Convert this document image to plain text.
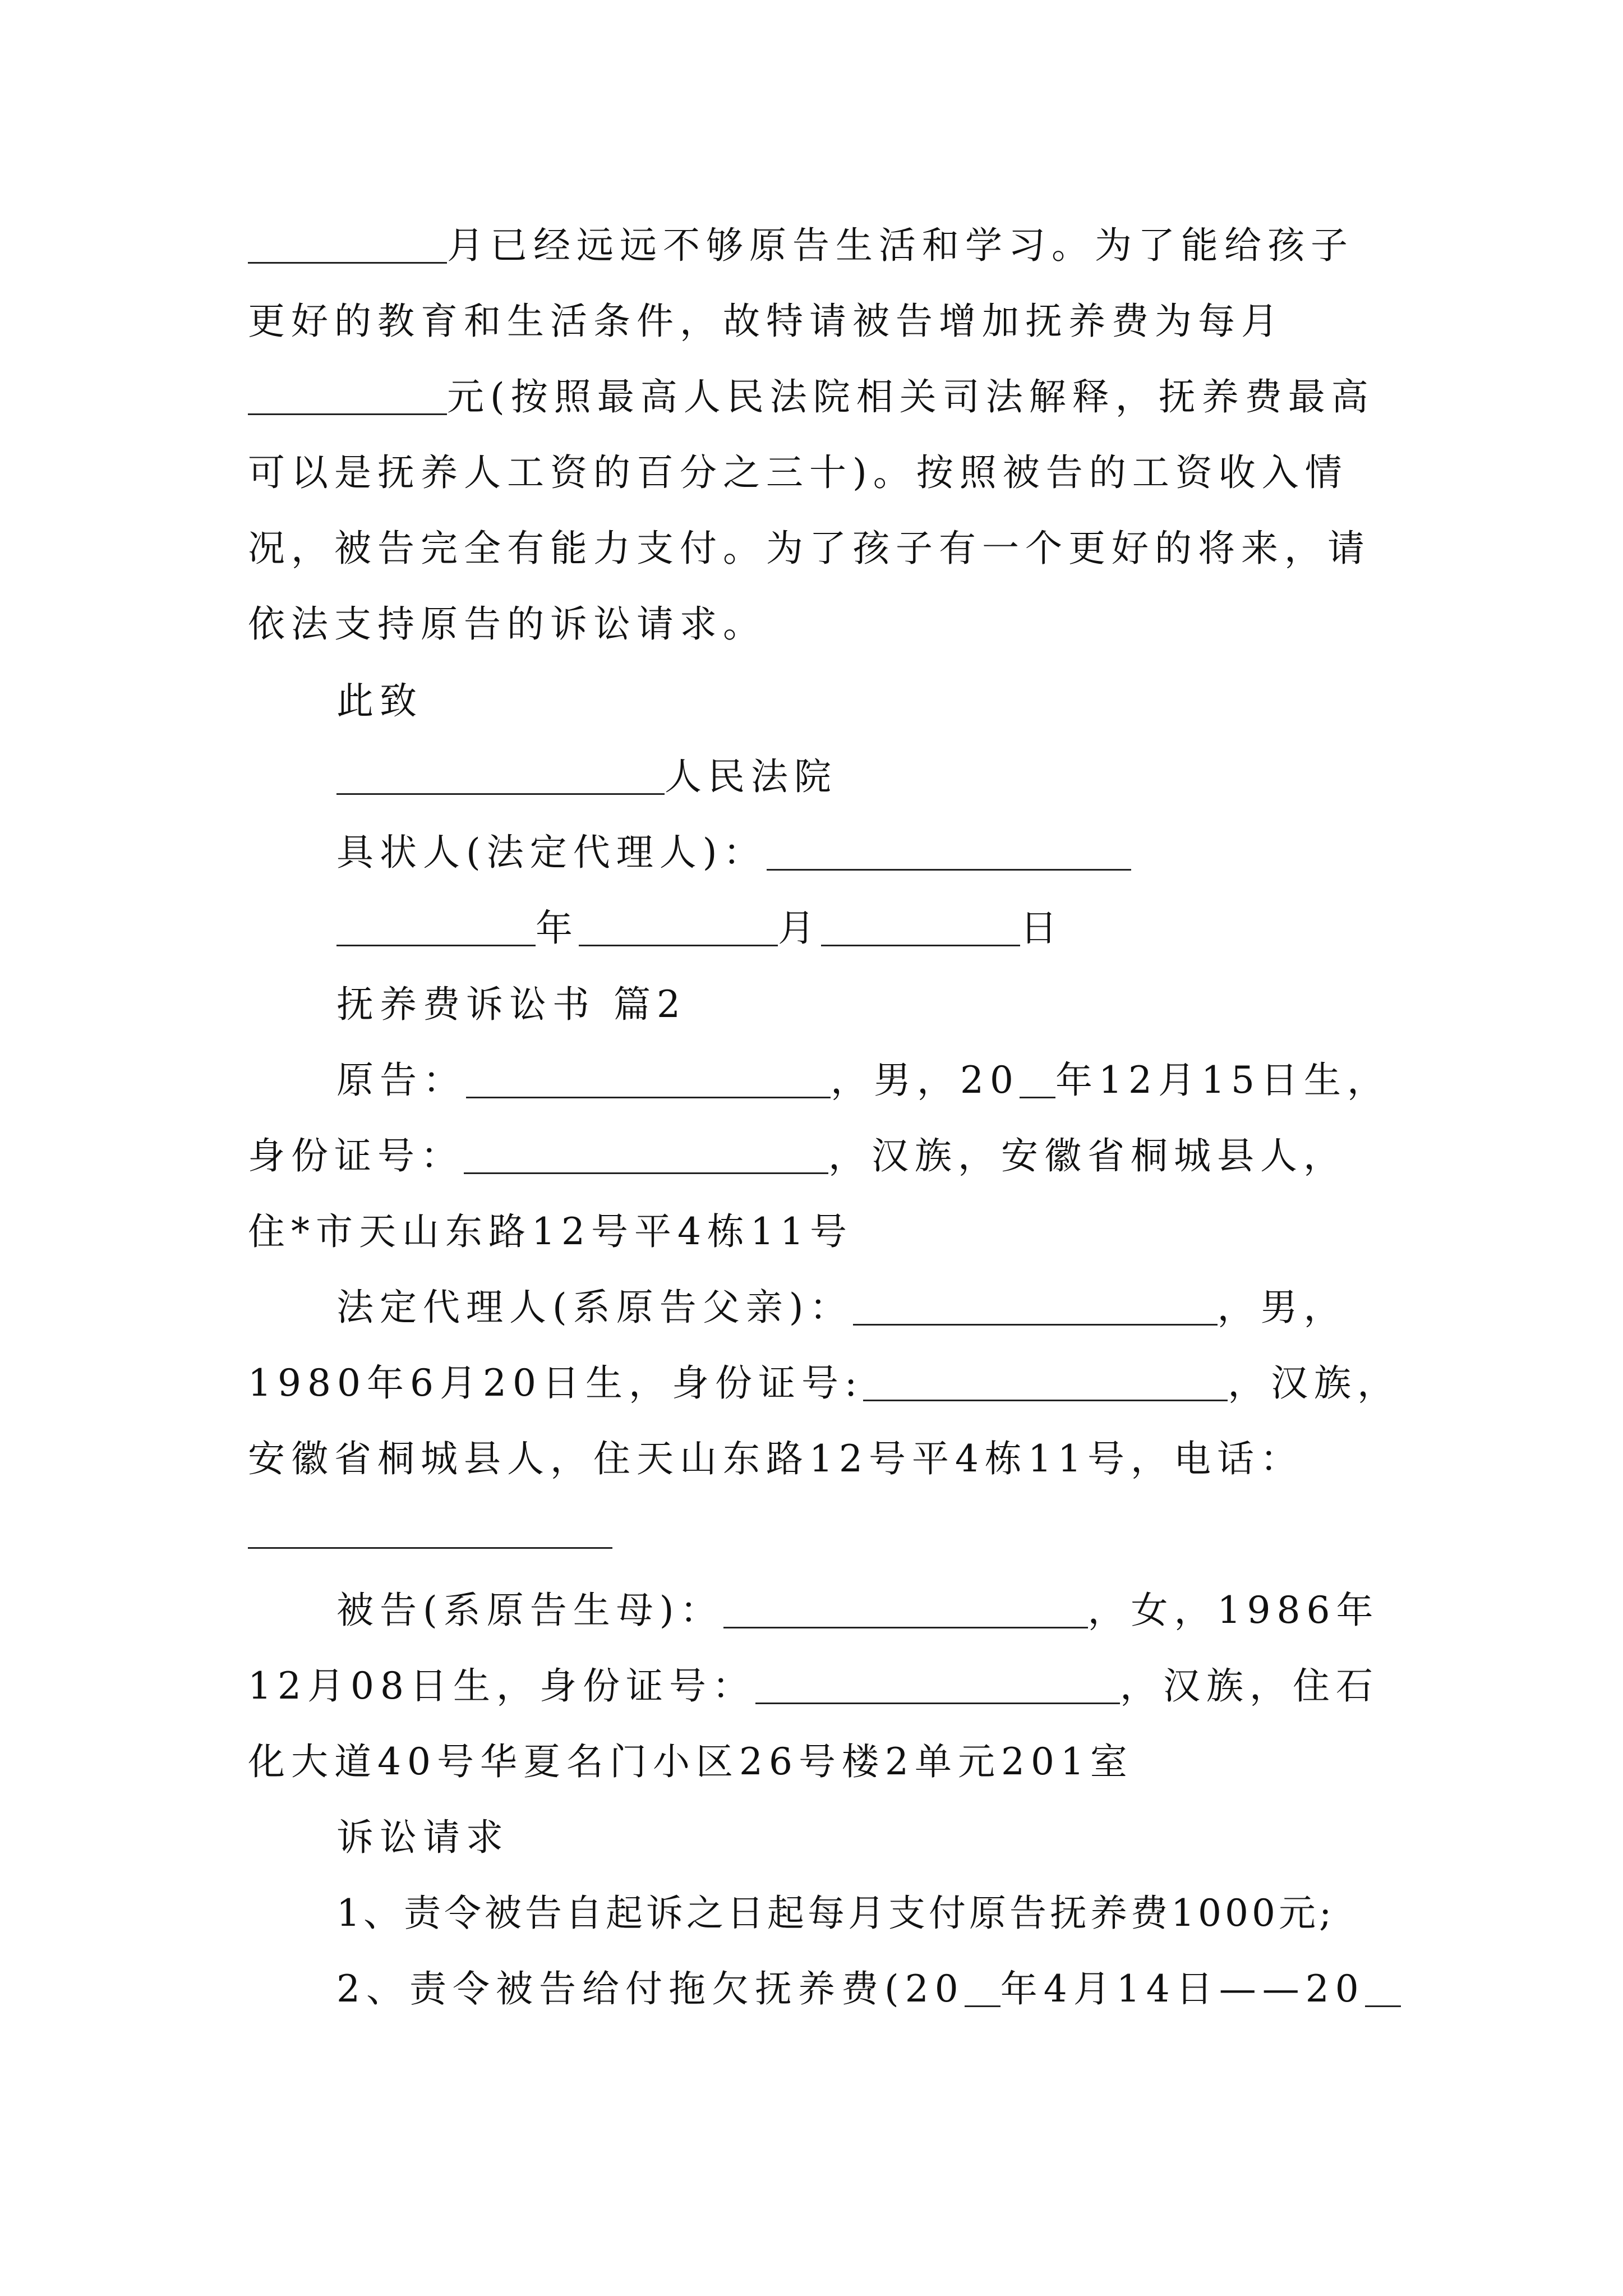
月已经远远不够原告生活和学习。为了能给孩子
更好的教育和生活条件，故特请被告增加抚养费为每月
元(按照最高人民法院相关司法解释，抚养费最高
可以是抚养人工资的百分之三十)。按照被告的工资收入情
况，被告完全有能力支付。为了孩子有一个更好的将来，请
依法支持原告的诉讼请求。
此致
人民法院
具状人(法定代理人)：
年	月	日
抚养费诉讼书 篇2
原告：	，男，20 年12月15日生，
身份证号：	，汉族，安徽省桐城县人，
住*市天山东路12号平4栋11号
法定代理人(系原告父亲)：	，男，
1980年6月20日生，身份证号:	，汉族，
安徽省桐城县人，住天山东路12号平4栋11号，电话：
被告(系原告生母)：	，女，1986年
12月08日生，身份证号：	，汉族，住石
化大道40号华夏名门小区26号楼2单元201室
诉讼请求
1、责令被告自起诉之日起每月支付原告抚养费1000元;
2、责令被告给付拖欠抚养费(20 年4月14日——20
